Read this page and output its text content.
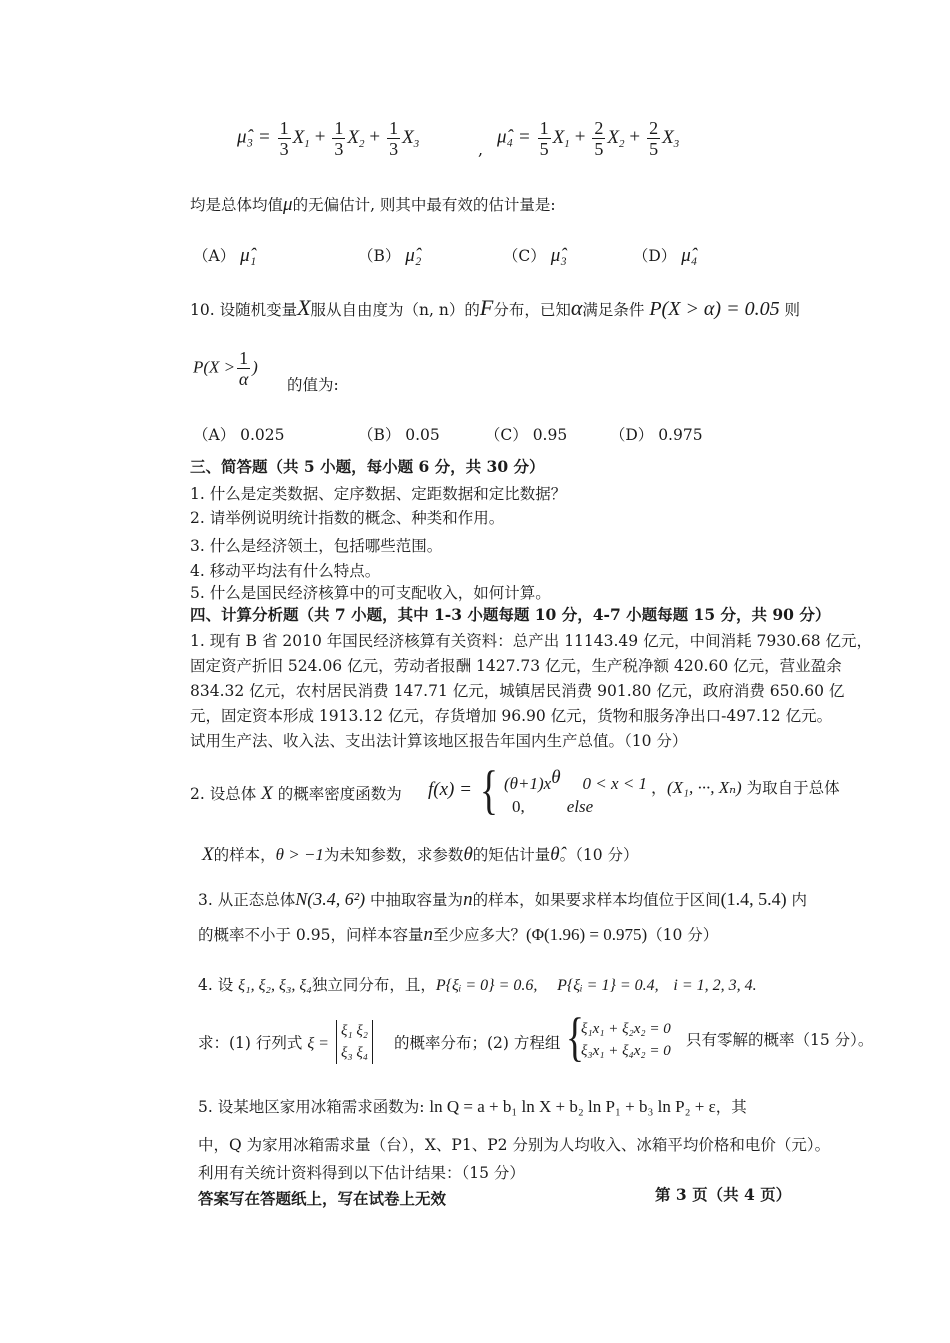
μ̂₃ = $\frac{1}{3} X_1 + \frac{1}{3} X_2 + \frac{1}{3} X_3$	,
μ̂₄ = $\frac{1}{5} X_1 + \frac{2}{5} X_2 + \frac{2}{5} X_3$
均是总体均值μ的无偏估计, 则其中最有效的估计量是:
（A） μ̂₁	（B） μ̂₂	（C） μ̂₃	（D） μ̂₄
10. 设随机变量X服从自由度为（n, n）的F分布，已知α满足条件 P(X > α) = 0.05 则
$P(X > \frac{1}{\alpha}$ )
的值为:
（A） 0.025	（B） 0.05	（C） 0.95	（D） 0.975
三、简答题（共 5 小题，每小题 6 分，共 30 分）
1. 什么是定类数据、定序数据、定距数据和定比数据？
2. 请举例说明统计指数的概念、种类和作用。
3. 什么是经济领土，包括哪些范围。
4. 移动平均法有什么特点。
5. 什么是国民经济核算中的可支配收入，如何计算。
四、计算分析题（共 7 小题，其中 1-3 小题每题 10 分，4-7 小题每题 15 分，共 90 分）
1. 现有 B 省 2010 年国民经济核算有关资料：总产出 11143.49 亿元，中间消耗 7930.68 亿元，
固定资产折旧 524.06 亿元，劳动者报酬 1427.73 亿元，生产税净额 420.60 亿元，营业盈余
834.32 亿元，农村居民消费 147.71 亿元，城镇居民消费 901.80 亿元，政府消费 650.60 亿
元，固定资本形成 1913.12 亿元，存货增加 96.90 亿元，货物和服务净出口-497.12 亿元。
试用生产法、收入法、支出法计算该地区报告年国内生产总值。（10 分）
2. 设总体 X 的概率密度函数为 f(x) = { $(\theta+1)x^\theta$ 0 < x < 1
0, else
，(X₁, ···, Xₙ) 为取自于总体
X的样本，θ > −1为未知参数，求参数θ的矩估计量θ̂。（10 分）
3. 从正态总体N(3.4, 6²) 中抽取容量为n的样本，如果要求样本均值位于区间(1.4, 5.4) 内
的概率不小于 0.95，问样本容量n至少应多大？(Φ(1.96) = 0.975)（10 分）
4. 设 ξ₁, ξ₂, ξ₃, ξ₄独立同分布，且，P{ξᵢ = 0} = 0.6, P{ξᵢ = 1} = 0.4, i = 1, 2, 3, 4.
求：(1) 行列式 ξ =
ξ₁ ξ₂
ξ₃ ξ₄
的概率分布；(2) 方程组 {
ξ₁x₁ + ξ₂x₂ = 0
ξ₃x₁ + ξ₄x₂ = 0
只有零解的概率（15 分）。
5. 设某地区家用冰箱需求函数为: ln Q = a + b₁ ln X + b₂ ln P₁ + b₃ ln P₂ + ε，其
中，Q 为家用冰箱需求量（台），X、P1、P2 分别为人均收入、冰箱平均价格和电价（元）。
利用有关统计资料得到以下估计结果：（15 分）
答案写在答题纸上，写在试卷上无效	第 3 页（共 4 页）
